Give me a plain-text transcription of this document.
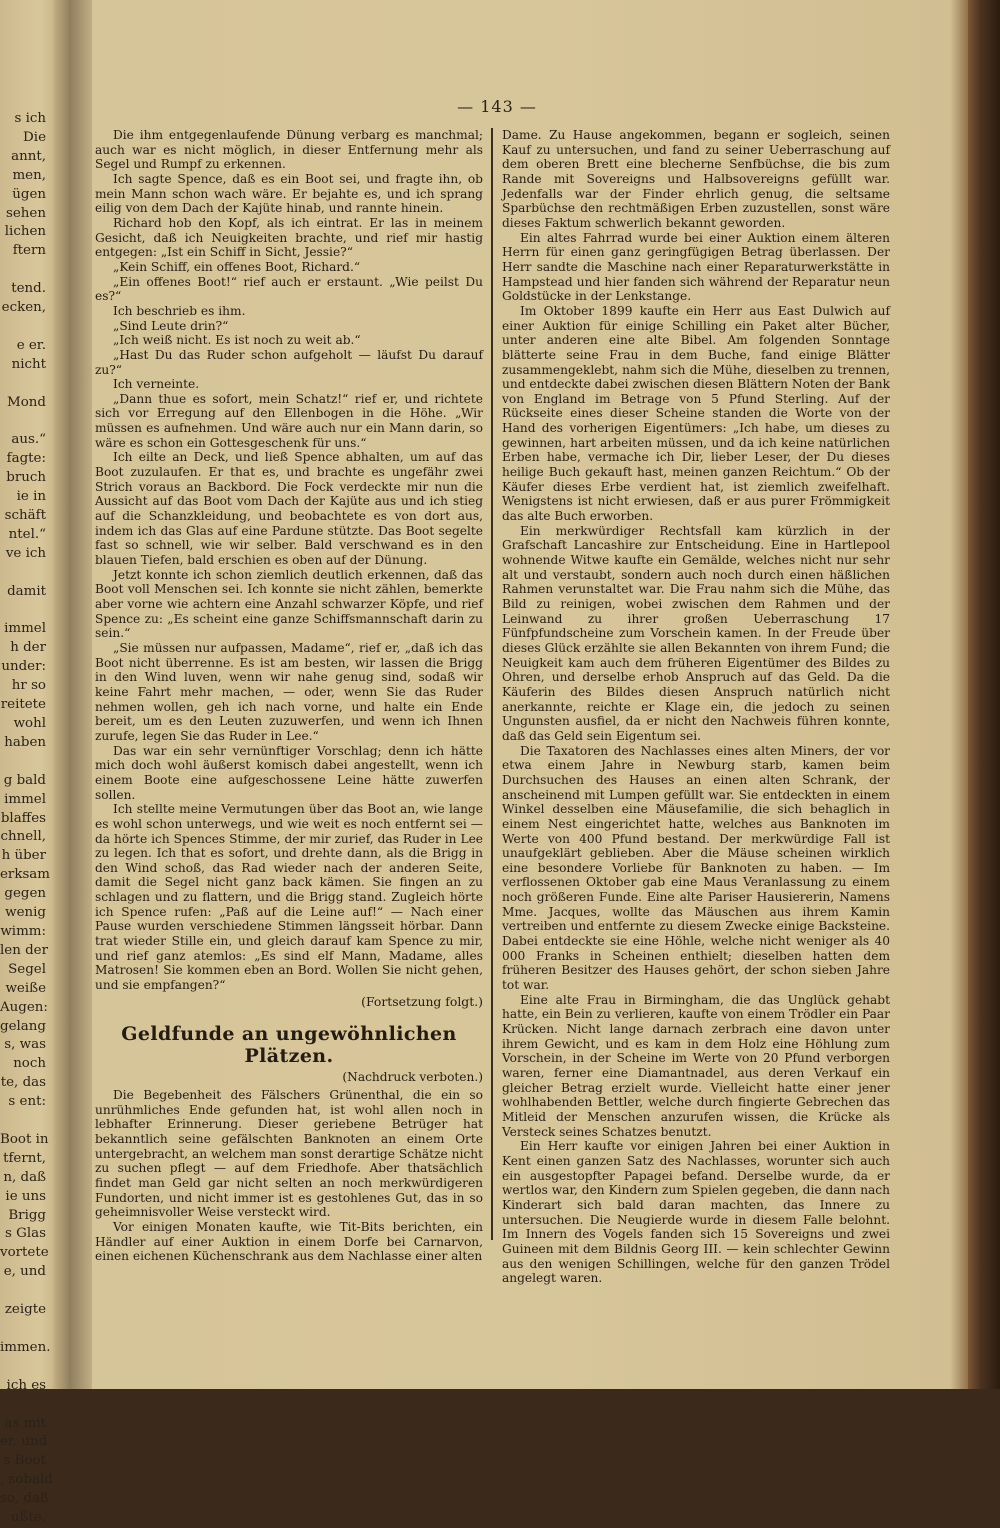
s ich
Die
annt,
men,
ügen
sehen
lichen
ftern

tend.
ecken,

e er.
nicht

Mond

aus.“
fagte:
bruch
ie in
schäft
ntel.“
ve ich

damit

immel
h der
under:
hr so
reitete
wohl
haben

g bald
immel
blaffes
chnell,
h über
erksam
gegen
wenig
wimm:
len der
Segel
weiße
Augen:
gelang
s, was
noch
te, das
s ent:

Boot in
tfernt,
n, daß
ie uns
Brigg
s Glas
vortete
e, und

zeigte

immen.

ich es

as mit
er, und
s Boot
, sobald
so, daß
ußte.
— 143 —

Die ihm entgegenlaufende Dünung verbarg es manchmal; auch war es nicht möglich, in dieser Entfernung mehr als Segel und Rumpf zu erkennen.

Ich sagte Spence, daß es ein Boot sei, und fragte ihn, ob mein Mann schon wach wäre. Er bejahte es, und ich sprang eilig von dem Dach der Kajüte hinab, und rannte hinein.

Richard hob den Kopf, als ich eintrat. Er las in meinem Gesicht, daß ich Neuigkeiten brachte, und rief mir hastig entgegen: „Ist ein Schiff in Sicht, Jessie?“

„Kein Schiff, ein offenes Boot, Richard.“

„Ein offenes Boot!“ rief auch er erstaunt. „Wie peilst Du es?“

Ich beschrieb es ihm.

„Sind Leute drin?“

„Ich weiß nicht. Es ist noch zu weit ab.“

„Hast Du das Ruder schon aufgeholt — läufst Du darauf zu?“

Ich verneinte.

„Dann thue es sofort, mein Schatz!“ rief er, und richtete sich vor Erregung auf den Ellenbogen in die Höhe. „Wir müssen es aufnehmen. Und wäre auch nur ein Mann darin, so wäre es schon ein Gottesgeschenk für uns.“

Ich eilte an Deck, und ließ Spence abhalten, um auf das Boot zuzulaufen. Er that es, und brachte es ungefähr zwei Strich voraus an Backbord. Die Fock verdeckte mir nun die Aussicht auf das Boot vom Dach der Kajüte aus und ich stieg auf die Schanzkleidung, und beobachtete es von dort aus, indem ich das Glas auf eine Pardune stützte. Das Boot segelte fast so schnell, wie wir selber. Bald verschwand es in den blauen Tiefen, bald erschien es oben auf der Dünung.

Jetzt konnte ich schon ziemlich deutlich erkennen, daß das Boot voll Menschen sei. Ich konnte sie nicht zählen, bemerkte aber vorne wie achtern eine Anzahl schwarzer Köpfe, und rief Spence zu: „Es scheint eine ganze Schiffsmannschaft darin zu sein.“

„Sie müssen nur aufpassen, Madame“, rief er, „daß ich das Boot nicht überrenne. Es ist am besten, wir lassen die Brigg in den Wind luven, wenn wir nahe genug sind, sodaß wir keine Fahrt mehr machen, — oder, wenn Sie das Ruder nehmen wollen, geh ich nach vorne, und halte ein Ende bereit, um es den Leuten zuzuwerfen, und wenn ich Ihnen zurufe, legen Sie das Ruder in Lee.“

Das war ein sehr vernünftiger Vorschlag; denn ich hätte mich doch wohl äußerst komisch dabei angestellt, wenn ich einem Boote eine aufgeschossene Leine hätte zuwerfen sollen.

Ich stellte meine Vermutungen über das Boot an, wie lange es wohl schon unterwegs, und wie weit es noch entfernt sei — da hörte ich Spences Stimme, der mir zurief, das Ruder in Lee zu legen. Ich that es sofort, und drehte dann, als die Brigg in den Wind schoß, das Rad wieder nach der anderen Seite, damit die Segel nicht ganz back kämen. Sie fingen an zu schlagen und zu flattern, und die Brigg stand. Zugleich hörte ich Spence rufen: „Paß auf die Leine auf!“ — Nach einer Pause wurden verschiedene Stimmen längsseit hörbar. Dann trat wieder Stille ein, und gleich darauf kam Spence zu mir, und rief ganz atemlos: „Es sind elf Mann, Madame, alles Matrosen! Sie kommen eben an Bord. Wollen Sie nicht gehen, und sie empfangen?“

(Fortsetzung folgt.)
Geldfunde an ungewöhnlichen Plätzen.
(Nachdruck verboten.)

Die Begebenheit des Fälschers Grünenthal, die ein so unrühmliches Ende gefunden hat, ist wohl allen noch in lebhafter Erinnerung. Dieser geriebene Betrüger hat bekanntlich seine gefälschten Banknoten an einem Orte untergebracht, an welchem man sonst derartige Schätze nicht zu suchen pflegt — auf dem Friedhofe. Aber thatsächlich findet man Geld gar nicht selten an noch merkwürdigeren Fundorten, und nicht immer ist es gestohlenes Gut, das in so geheimnisvoller Weise versteckt wird.

Vor einigen Monaten kaufte, wie Tit-Bits berichten, ein Händler auf einer Auktion in einem Dorfe bei Carnarvon, einen eichenen Küchenschrank aus dem Nachlasse einer alten

Dame. Zu Hause angekommen, begann er sogleich, seinen Kauf zu untersuchen, und fand zu seiner Ueberraschung auf dem oberen Brett eine blecherne Senfbüchse, die bis zum Rande mit Sovereigns und Halbsovereigns gefüllt war. Jedenfalls war der Finder ehrlich genug, die seltsame Sparbüchse den rechtmäßigen Erben zuzustellen, sonst wäre dieses Faktum schwerlich bekannt geworden.

Ein altes Fahrrad wurde bei einer Auktion einem älteren Herrn für einen ganz geringfügigen Betrag überlassen. Der Herr sandte die Maschine nach einer Reparaturwerkstätte in Hampstead und hier fanden sich während der Reparatur neun Goldstücke in der Lenkstange.

Im Oktober 1899 kaufte ein Herr aus East Dulwich auf einer Auktion für einige Schilling ein Paket alter Bücher, unter anderen eine alte Bibel. Am folgenden Sonntage blätterte seine Frau in dem Buche, fand einige Blätter zusammengeklebt, nahm sich die Mühe, dieselben zu trennen, und entdeckte dabei zwischen diesen Blättern Noten der Bank von England im Betrage von 5 Pfund Sterling. Auf der Rückseite eines dieser Scheine standen die Worte von der Hand des vorherigen Eigentümers: „Ich habe, um dieses zu gewinnen, hart arbeiten müssen, und da ich keine natürlichen Erben habe, vermache ich Dir, lieber Leser, der Du dieses heilige Buch gekauft hast, meinen ganzen Reichtum.“ Ob der Käufer dieses Erbe verdient hat, ist ziemlich zweifelhaft. Wenigstens ist nicht erwiesen, daß er aus purer Frömmigkeit das alte Buch erworben.

Ein merkwürdiger Rechtsfall kam kürzlich in der Grafschaft Lancashire zur Entscheidung. Eine in Hartlepool wohnende Witwe kaufte ein Gemälde, welches nicht nur sehr alt und verstaubt, sondern auch noch durch einen häßlichen Rahmen verunstaltet war. Die Frau nahm sich die Mühe, das Bild zu reinigen, wobei zwischen dem Rahmen und der Leinwand zu ihrer großen Ueberraschung 17 Fünfpfundscheine zum Vorschein kamen. In der Freude über dieses Glück erzählte sie allen Bekannten von ihrem Fund; die Neuigkeit kam auch dem früheren Eigentümer des Bildes zu Ohren, und derselbe erhob Anspruch auf das Geld. Da die Käuferin des Bildes diesen Anspruch natürlich nicht anerkannte, reichte er Klage ein, die jedoch zu seinen Ungunsten ausfiel, da er nicht den Nachweis führen konnte, daß das Geld sein Eigentum sei.

Die Taxatoren des Nachlasses eines alten Miners, der vor etwa einem Jahre in Newburg starb, kamen beim Durchsuchen des Hauses an einen alten Schrank, der anscheinend mit Lumpen gefüllt war. Sie entdeckten in einem Winkel desselben eine Mäusefamilie, die sich behaglich in einem Nest eingerichtet hatte, welches aus Banknoten im Werte von 400 Pfund bestand. Der merkwürdige Fall ist unaufgeklärt geblieben. Aber die Mäuse scheinen wirklich eine besondere Vorliebe für Banknoten zu haben. — Im verflossenen Oktober gab eine Maus Veranlassung zu einem noch größeren Funde. Eine alte Pariser Hausiererin, Namens Mme. Jacques, wollte das Mäuschen aus ihrem Kamin vertreiben und entfernte zu diesem Zwecke einige Backsteine. Dabei entdeckte sie eine Höhle, welche nicht weniger als 40 000 Franks in Scheinen enthielt; dieselben hatten dem früheren Besitzer des Hauses gehört, der schon sieben Jahre tot war.

Eine alte Frau in Birmingham, die das Unglück gehabt hatte, ein Bein zu verlieren, kaufte von einem Trödler ein Paar Krücken. Nicht lange darnach zerbrach eine davon unter ihrem Gewicht, und es kam in dem Holz eine Höhlung zum Vorschein, in der Scheine im Werte von 20 Pfund verborgen waren, ferner eine Diamantnadel, aus deren Verkauf ein gleicher Betrag erzielt wurde. Vielleicht hatte einer jener wohlhabenden Bettler, welche durch fingierte Gebrechen das Mitleid der Menschen anzurufen wissen, die Krücke als Versteck seines Schatzes benutzt.

Ein Herr kaufte vor einigen Jahren bei einer Auktion in Kent einen ganzen Satz des Nachlasses, worunter sich auch ein ausgestopfter Papagei befand. Derselbe wurde, da er wertlos war, den Kindern zum Spielen gegeben, die dann nach Kinderart sich bald daran machten, das Innere zu untersuchen. Die Neugierde wurde in diesem Falle belohnt. Im Innern des Vogels fanden sich 15 Sovereigns und zwei Guineen mit dem Bildnis Georg III. — kein schlechter Gewinn aus den wenigen Schillingen, welche für den ganzen Trödel angelegt waren.
